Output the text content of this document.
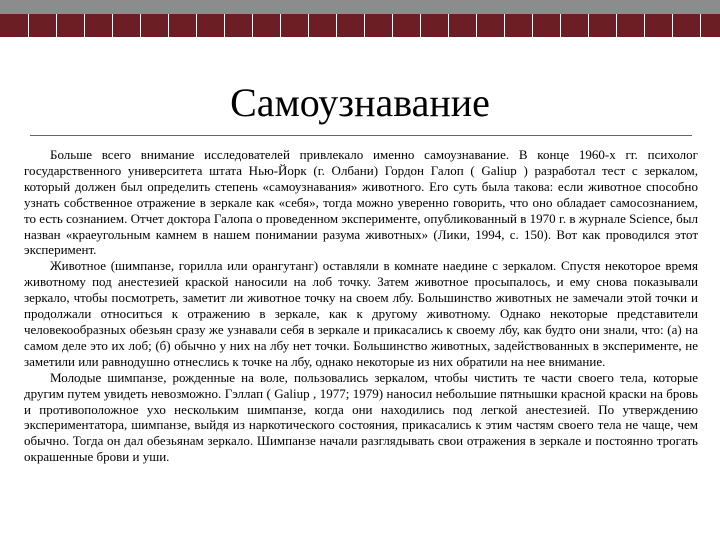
Самоузнавание

Больше всего внимание исследователей привлекало именно самоузнавание. В конце 1960-х гг. психолог государственного университета штата Нью-Йорк (г. Олбани) Гордон Галоп ( Galiup ) разработал тест с зеркалом, который должен был определить степень «самоузнавания» животного. Его суть была такова: если животное способно узнать собственное отражение в зеркале как «себя», тогда можно уверенно говорить, что оно обладает самосознанием, то есть сознанием. Отчет доктора Галопа о проведенном эксперименте, опубликованный в 1970 г. в журнале Science, был назван «краеугольным камнем в нашем понимании разума животных» (Лики, 1994, с. 150). Вот как проводился этот эксперимент.

Животное (шимпанзе, горилла или орангутанг) оставляли в комнате наедине с зеркалом. Спустя некоторое время животному под анестезией краской наносили на лоб точку. Затем животное просыпалось, и ему снова показывали зеркало, чтобы посмотреть, заметит ли животное точку на своем лбу. Большинство животных не замечали этой точки и продолжали относиться к отражению в зеркале, как к другому животному. Однако некоторые представители человекообразных обезьян сразу же узнавали себя в зеркале и прикасались к своему лбу, как будто они знали, что: (а) на самом деле это их лоб; (б) обычно у них на лбу нет точки. Большинство животных, задействованных в эксперименте, не заметили или равнодушно отнеслись к точке на лбу, однако некоторые из них обратили на нее внимание.

Молодые шимпанзе, рожденные на воле, пользовались зеркалом, чтобы чистить те части своего тела, которые другим путем увидеть невозможно. Гэллап ( Galiup , 1977; 1979) наносил небольшие пятнышки красной краски на бровь и противоположное ухо нескольким шимпанзе, когда они находились под легкой анестезией. По утверждению экспериментатора, шимпанзе, выйдя из наркотического состояния, прикасались к этим частям своего тела не чаще, чем обычно. Тогда он дал обезьянам зеркало. Шимпанзе начали разглядывать свои отражения в зеркале и постоянно трогать окрашенные брови и уши.
